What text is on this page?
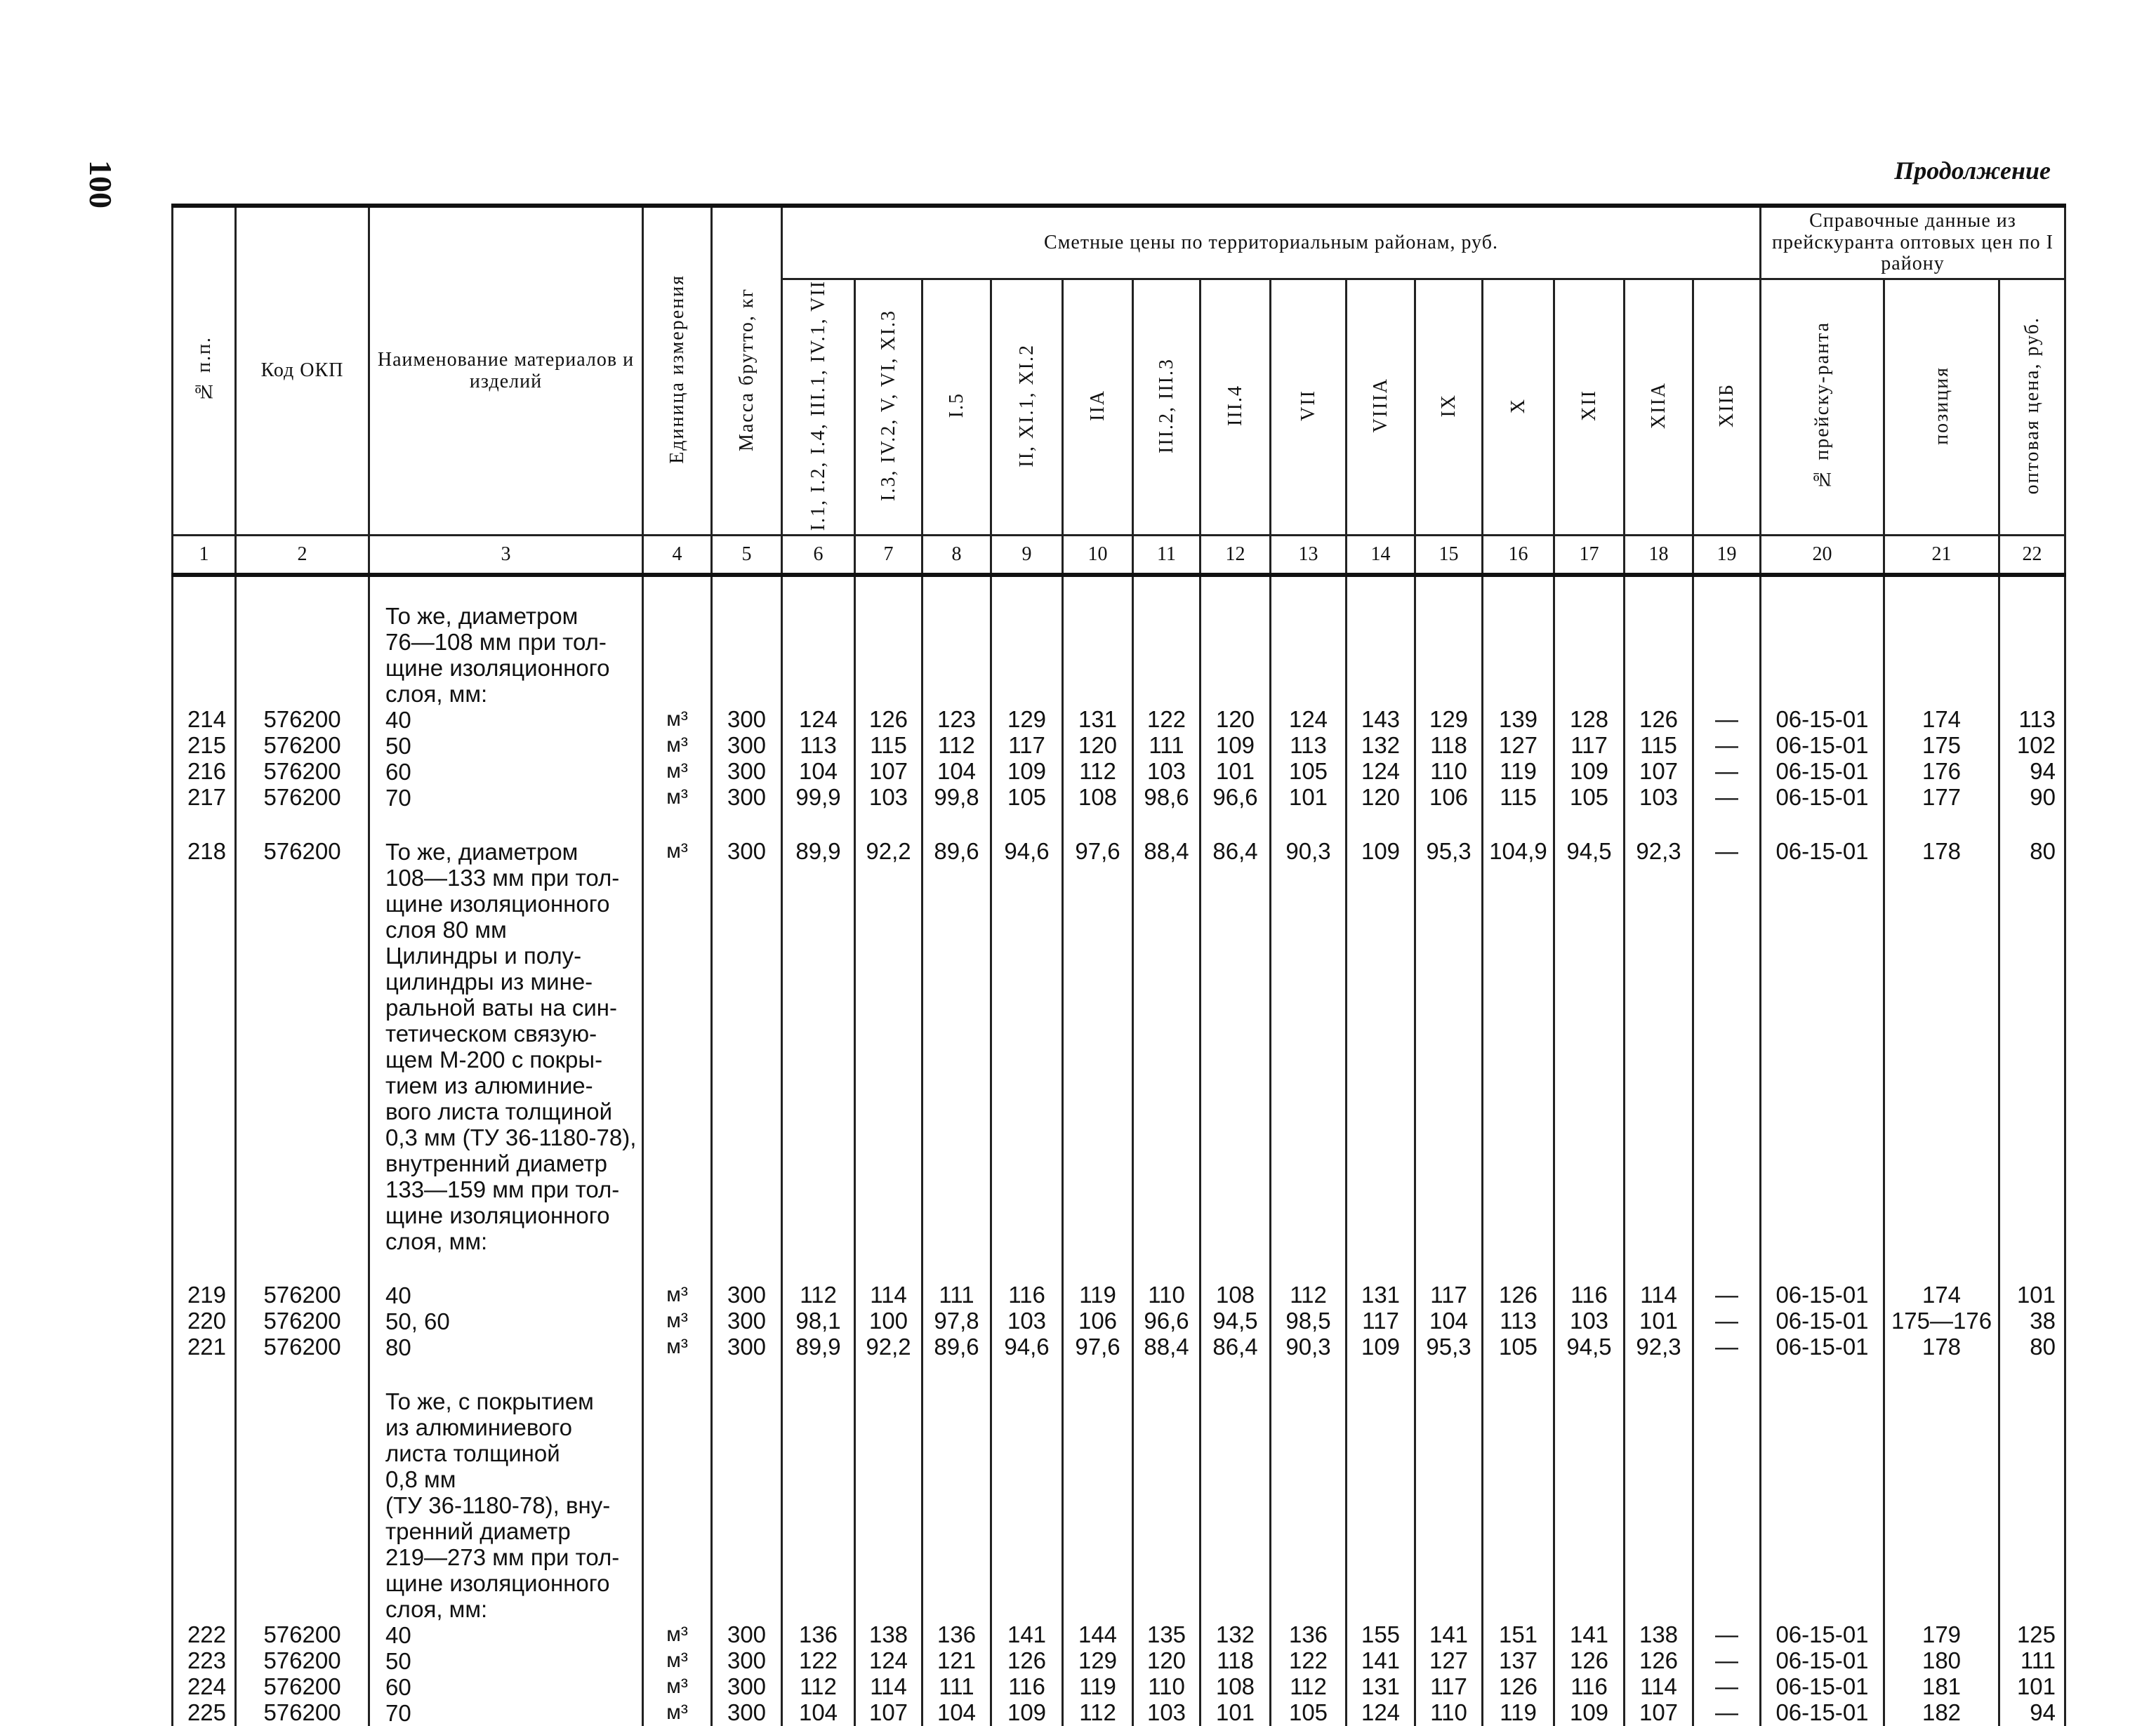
100	Продолжение
№ п.п.	Код ОКП	Наименование материалов и изделий	Единица измерения	Масса брутто, кг	Сметные цены по территориальным районам, руб.														Справочные данные из прейскуранта оптовых цен по I району		
					I.1, I.2, I.4, III.1, IV.1, VII	I.3, IV.2, V, VI, XI.3	I.5	II, XI.1, XI.2	IIA	III.2, III.3	III.4	VII	VIIIA	IX	X	XII	XIIA	XIIБ	№ прейску-ранта	позиция	оптовая цена, руб.
1	2	3	4	5	6	7	8	9	10	11	12	13	14	15	16	17	18	19	20	21	22

		То же, диаметром																			
		76—108 мм при тол-																			
		щине изоляционного																			
		слоя, мм:																			
214	576200	40	м³	300	124	126	123	129	131	122	120	124	143	129	139	128	126	—	06-15-01	174	113
215	576200	50	м³	300	113	115	112	117	120	111	109	113	132	118	127	117	115	—	06-15-01	175	102
216	576200	60	м³	300	104	107	104	109	112	103	101	105	124	110	119	109	107	—	06-15-01	176	94
217	576200	70	м³	300	99,9	103	99,8	105	108	98,6	96,6	101	120	106	115	105	103	—	06-15-01	177	90

218	576200	То же, диаметром	м³	300	89,9	92,2	89,6	94,6	97,6	88,4	86,4	90,3	109	95,3	104,9	94,5	92,3	—	06-15-01	178	80
		108—133 мм при тол-																			
		щине изоляционного																			
		слоя 80 мм																			
		Цилиндры и полу-																			
		цилиндры из мине-																			
		ральной ваты на син-																			
		тетическом связую-																			
		щем М-200 с покры-																			
		тием из алюминие-																			
		вого листа толщиной																			
		0,3 мм (ТУ 36-1180-78),																			
		внутренний диаметр																			
		133—159 мм при тол-																			
		щине изоляционного																			
		слоя, мм:																			

219	576200	40	м³	300	112	114	111	116	119	110	108	112	131	117	126	116	114	—	06-15-01	174	101
220	576200	50, 60	м³	300	98,1	100	97,8	103	106	96,6	94,5	98,5	117	104	113	103	101	—	06-15-01	175—176	38
221	576200	80	м³	300	89,9	92,2	89,6	94,6	97,6	88,4	86,4	90,3	109	95,3	105	94,5	92,3	—	06-15-01	178	80

		То же, с покрытием																			
		из алюминиевого																			
		листа толщиной																			
		0,8 мм																			
		(ТУ 36-1180-78), вну-																			
		тренний диаметр																			
		219—273 мм при тол-																			
		щине изоляционного																			
		слоя, мм:																			
222	576200	40	м³	300	136	138	136	141	144	135	132	136	155	141	151	141	138	—	06-15-01	179	125
223	576200	50	м³	300	122	124	121	126	129	120	118	122	141	127	137	126	126	—	06-15-01	180	111
224	576200	60	м³	300	112	114	111	116	119	110	108	112	131	117	126	116	114	—	06-15-01	181	101
225	576200	70	м³	300	104	107	104	109	112	103	101	105	124	110	119	109	107	—	06-15-01	182	94
